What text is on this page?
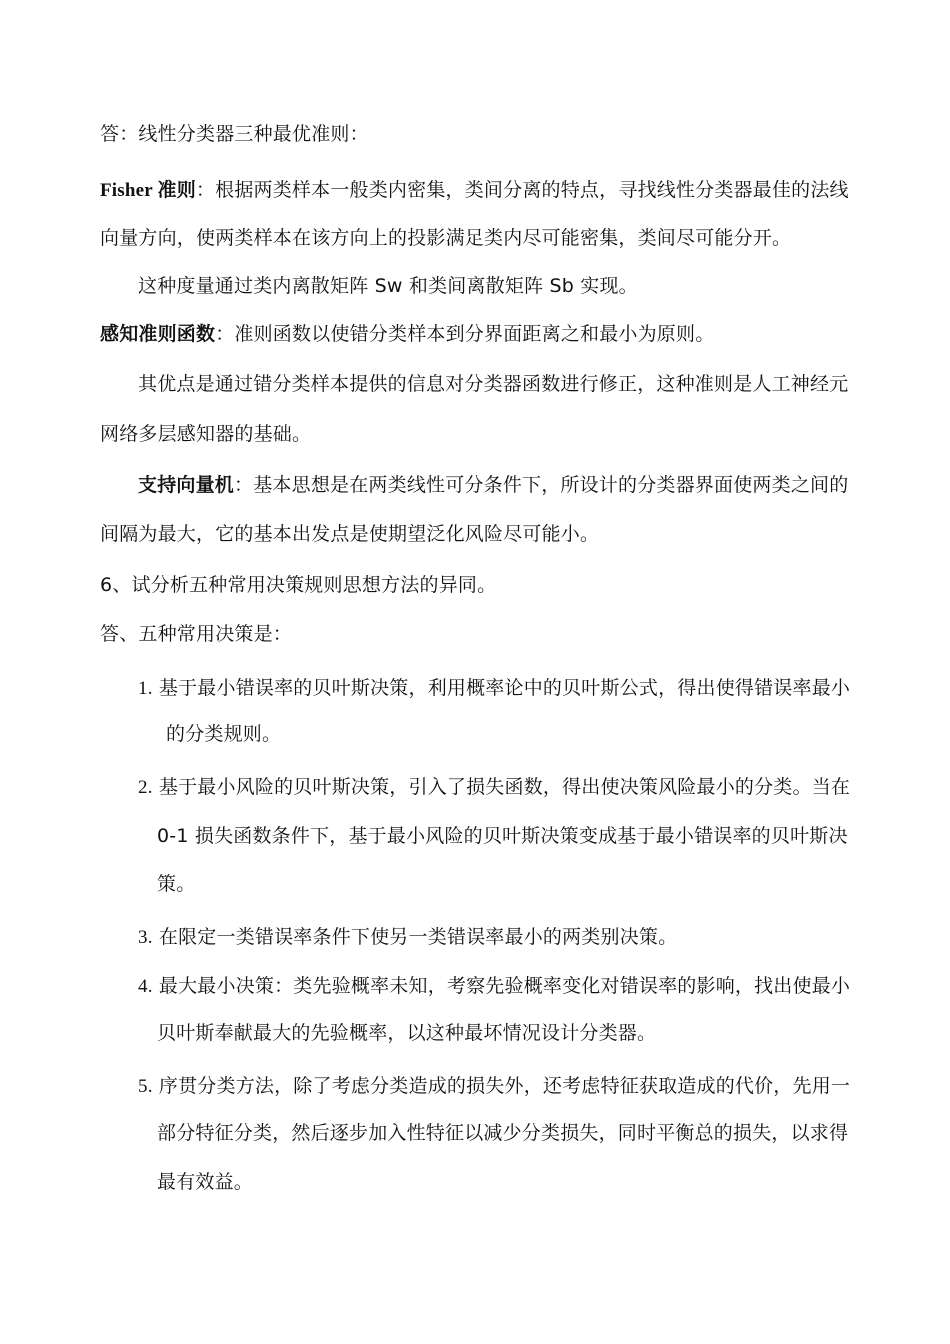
答：线性分类器三种最优准则：
Fisher 准则：根据两类样本一般类内密集，类间分离的特点，寻找线性分类器最佳的法线
向量方向，使两类样本在该方向上的投影满足类内尽可能密集，类间尽可能分开。
这种度量通过类内离散矩阵 Sw 和类间离散矩阵 Sb 实现。
感知准则函数：准则函数以使错分类样本到分界面距离之和最小为原则。
其优点是通过错分类样本提供的信息对分类器函数进行修正，这种准则是人工神经元
网络多层感知器的基础。
支持向量机：基本思想是在两类线性可分条件下，所设计的分类器界面使两类之间的
间隔为最大，它的基本出发点是使期望泛化风险尽可能小。
6、试分析五种常用决策规则思想方法的异同。
答、五种常用决策是：
1. 基于最小错误率的贝叶斯决策，利用概率论中的贝叶斯公式，得出使得错误率最小
的分类规则。
2. 基于最小风险的贝叶斯决策，引入了损失函数，得出使决策风险最小的分类。当在
0-1 损失函数条件下，基于最小风险的贝叶斯决策变成基于最小错误率的贝叶斯决
策。
3. 在限定一类错误率条件下使另一类错误率最小的两类别决策。
4. 最大最小决策：类先验概率未知，考察先验概率变化对错误率的影响，找出使最小
贝叶斯奉献最大的先验概率，以这种最坏情况设计分类器。
5. 序贯分类方法，除了考虑分类造成的损失外，还考虑特征获取造成的代价，先用一
部分特征分类，然后逐步加入性特征以减少分类损失，同时平衡总的损失，以求得
最有效益。
